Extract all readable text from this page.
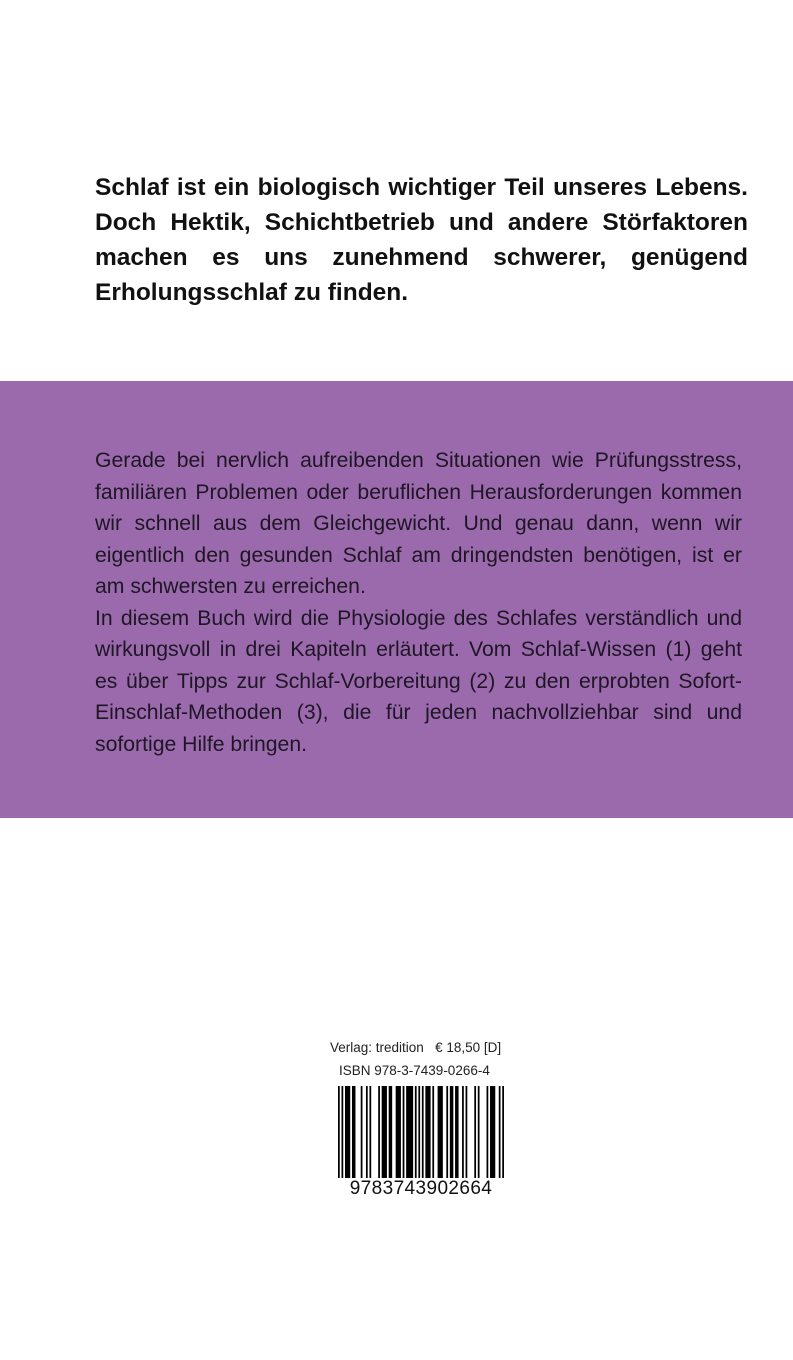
Schlaf ist ein biologisch wichtiger Teil unseres Lebens. Doch Hektik, Schichtbetrieb und andere Störfaktoren machen es uns zunehmend schwerer, genügend Erholungsschlaf zu finden.

Gerade bei nervlich aufreibenden Situationen wie Prüfungsstress, familiären Problemen oder beruflichen Herausforderungen kommen wir schnell aus dem Gleichgewicht. Und genau dann, wenn wir eigentlich den gesunden Schlaf am dringendsten benötigen, ist er am schwersten zu erreichen.

In diesem Buch wird die Physiologie des Schlafes verständlich und wirkungsvoll in drei Kapiteln erläutert. Vom Schlaf-Wissen (1) geht es über Tipps zur Schlaf-Vorbereitung (2) zu den erprobten Sofort-Einschlaf-Methoden (3), die für jeden nachvollziehbar sind und sofortige Hilfe bringen.

Verlag: tredition € 18,50 [D]
ISBN 978-3-7439-0266-4
9783743902664
